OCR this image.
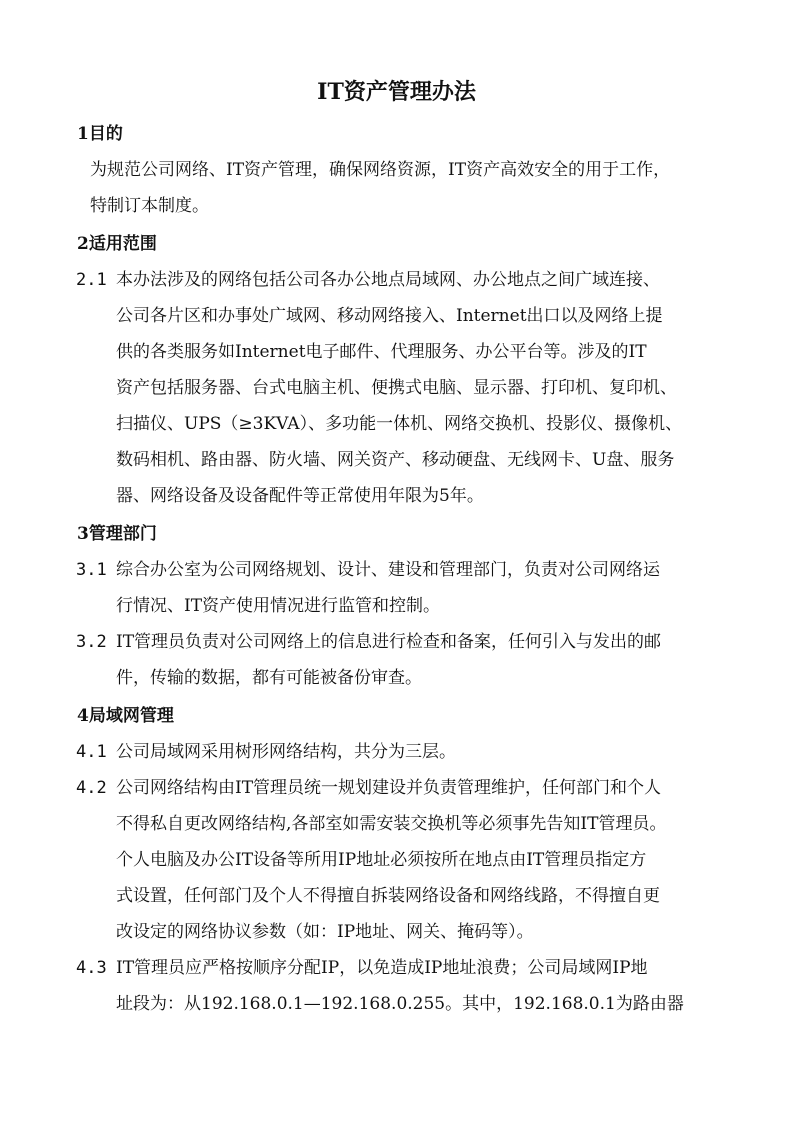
IT资产管理办法
1目的
为规范公司网络、IT资产管理，确保网络资源，IT资产高效安全的用于工作，
特制订本制度。
2适用范围
2.1 本办法涉及的网络包括公司各办公地点局域网、办公地点之间广域连接、
公司各片区和办事处广域网、移动网络接入、Internet出口以及网络上提
供的各类服务如Internet电子邮件、代理服务、办公平台等。涉及的IT
资产包括服务器、台式电脑主机、便携式电脑、显示器、打印机、复印机、
扫描仪、UPS（≥3KVA）、多功能一体机、网络交换机、投影仪、摄像机、
数码相机、路由器、防火墙、网关资产、移动硬盘、无线网卡、U盘、服务
器、网络设备及设备配件等正常使用年限为5年。
3管理部门
3.1 综合办公室为公司网络规划、设计、建设和管理部门，负责对公司网络运
行情况、IT资产使用情况进行监管和控制。
3.2 IT管理员负责对公司网络上的信息进行检查和备案，任何引入与发出的邮
件，传输的数据，都有可能被备份审查。
4局域网管理
4.1 公司局域网采用树形网络结构，共分为三层。
4.2 公司网络结构由IT管理员统一规划建设并负责管理维护，任何部门和个人
不得私自更改网络结构,各部室如需安装交换机等必须事先告知IT管理员。
个人电脑及办公IT设备等所用IP地址必须按所在地点由IT管理员指定方
式设置，任何部门及个人不得擅自拆装网络设备和网络线路，不得擅自更
改设定的网络协议参数（如：IP地址、网关、掩码等）。
4.3 IT管理员应严格按顺序分配IP，以免造成IP地址浪费；公司局域网IP地
址段为：从192.168.0.1—192.168.0.255。其中，192.168.0.1为路由器
